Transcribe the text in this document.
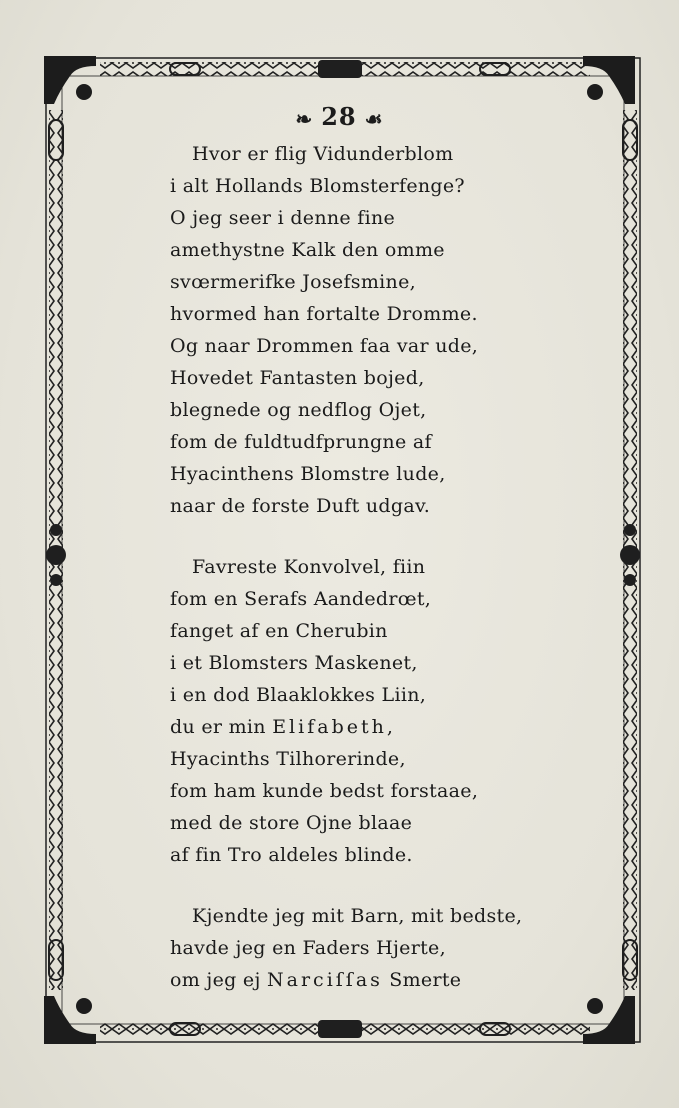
❧ 28 ☙
Hvor er flig Vidunderblom
i alt Hollands Blomsterfenge?
O jeg seer i denne fine
amethystne Kalk den omme
svœrmerifke Josefsmine,
hvormed han fortalte Dromme.
Og naar Drommen faa var ude,
Hovedet Fantasten bojed,
blegnede og nedflog Ojet,
fom de fuldtudfprungne af
Hyacinthens Blomstre lude,
naar de forste Duft udgav.
Favreste Konvolvel, fiin
fom en Serafs Aandedrœt,
fanget af en Cherubin
i et Blomsters Maskenet,
i en dod Blaaklokkes Liin,
du er min Elifabeth,
Hyacinths Tilhorerinde,
fom ham kunde bedst forstaae,
med de store Ojne blaae
af fin Tro aldeles blinde.
Kjendte jeg mit Barn, mit bedste,
havde jeg en Faders Hjerte,
om jeg ej Narciſſas Smerte
